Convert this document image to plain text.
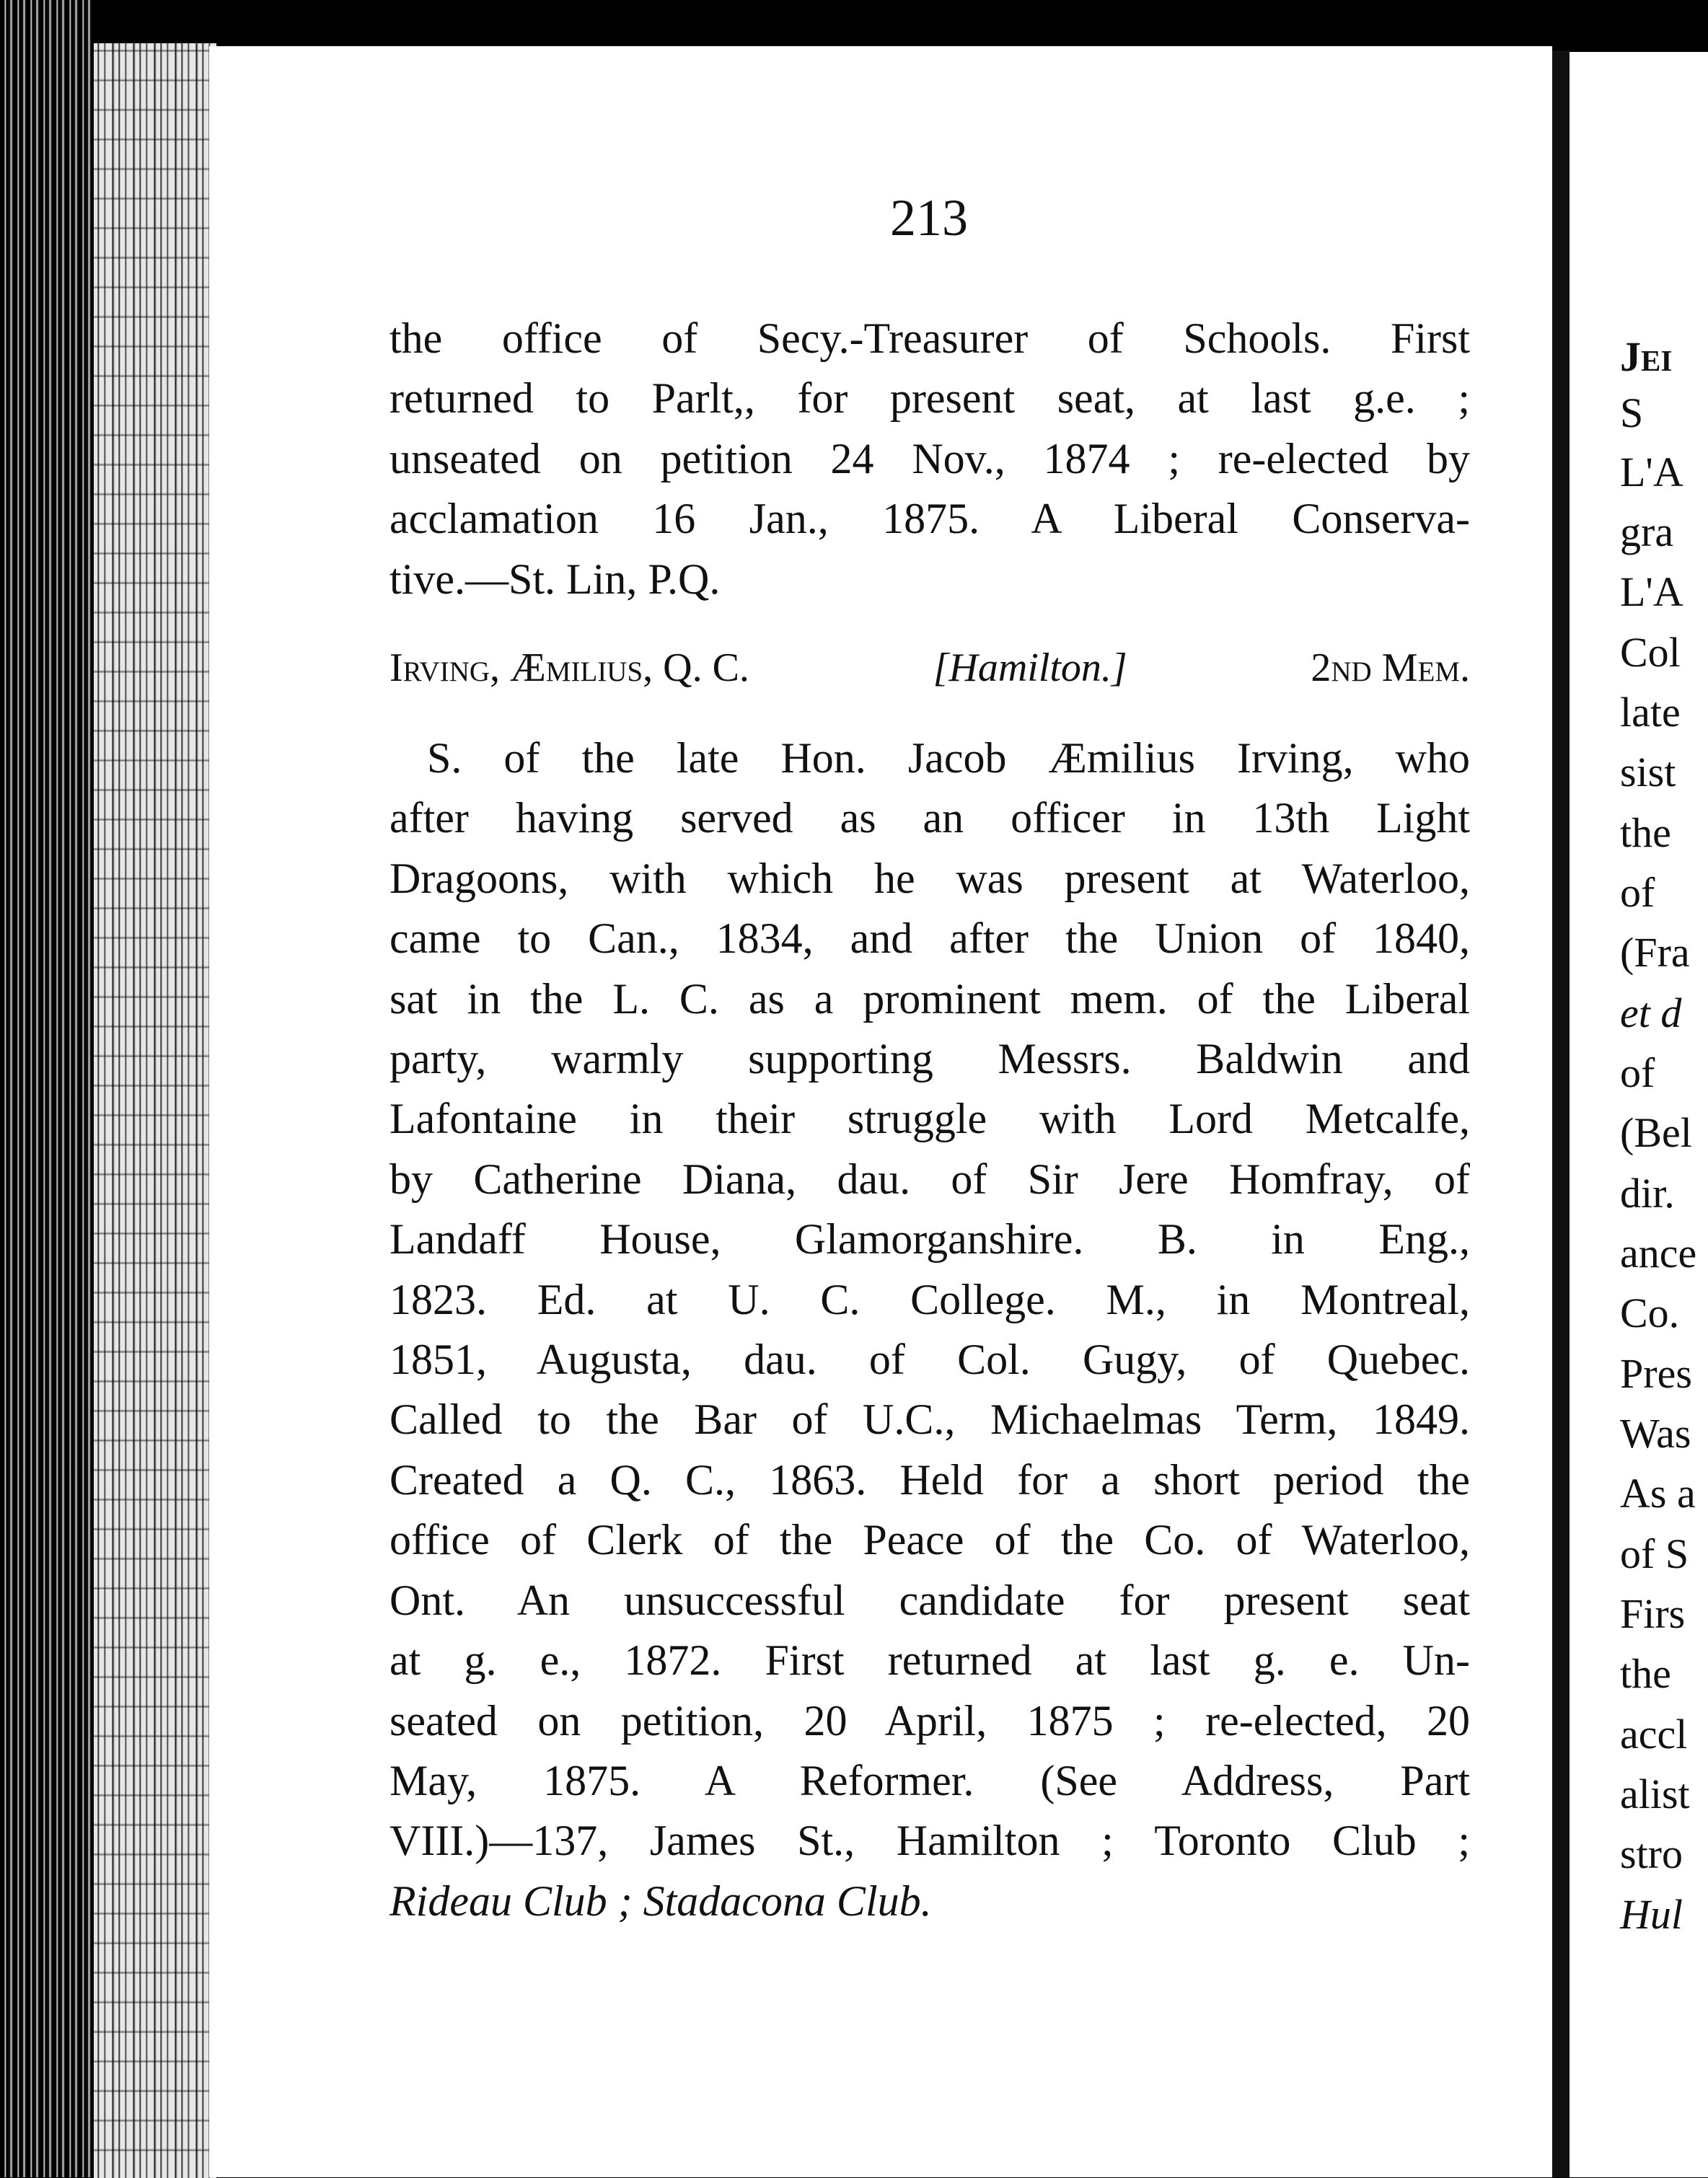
213
the office of Secy.-Treasurer of Schools. First
returned to Parlt,, for present seat, at last g.e. ;
unseated on petition 24 Nov., 1874 ; re-elected by
acclamation 16 Jan., 1875. A Liberal Conserva-
tive.—St. Lin, P.Q.
Irving, Æmilius, Q. C.	[Hamilton.]	2nd Mem.
S. of the late Hon. Jacob Æmilius Irving, who
after having served as an officer in 13th Light
Dragoons, with which he was present at Waterloo,
came to Can., 1834, and after the Union of 1840,
sat in the L. C. as a prominent mem. of the Liberal
party, warmly supporting Messrs. Baldwin and
Lafontaine in their struggle with Lord Metcalfe,
by Catherine Diana, dau. of Sir Jere Homfray, of
Landaff House, Glamorganshire. B. in Eng.,
1823. Ed. at U. C. College. M., in Montreal,
1851, Augusta, dau. of Col. Gugy, of Quebec.
Called to the Bar of U.C., Michaelmas Term, 1849.
Created a Q. C., 1863. Held for a short period the
office of Clerk of the Peace of the Co. of Waterloo,
Ont. An unsuccessful candidate for present seat
at g. e., 1872. First returned at last g. e. Un-
seated on petition, 20 April, 1875 ; re-elected, 20
May, 1875. A Reformer. (See Address, Part
VIII.)—137, James St., Hamilton ; Toronto Club ;
Rideau Club ; Stadacona Club.
Jei
S
L'A
gra
L'A
Col
late
sist
the
of
(Fra
et d
of
(Bel
dir.
ance
Co.
Pres
Was
As a
of S
Firs
the
accl
alist
stro
Hul
